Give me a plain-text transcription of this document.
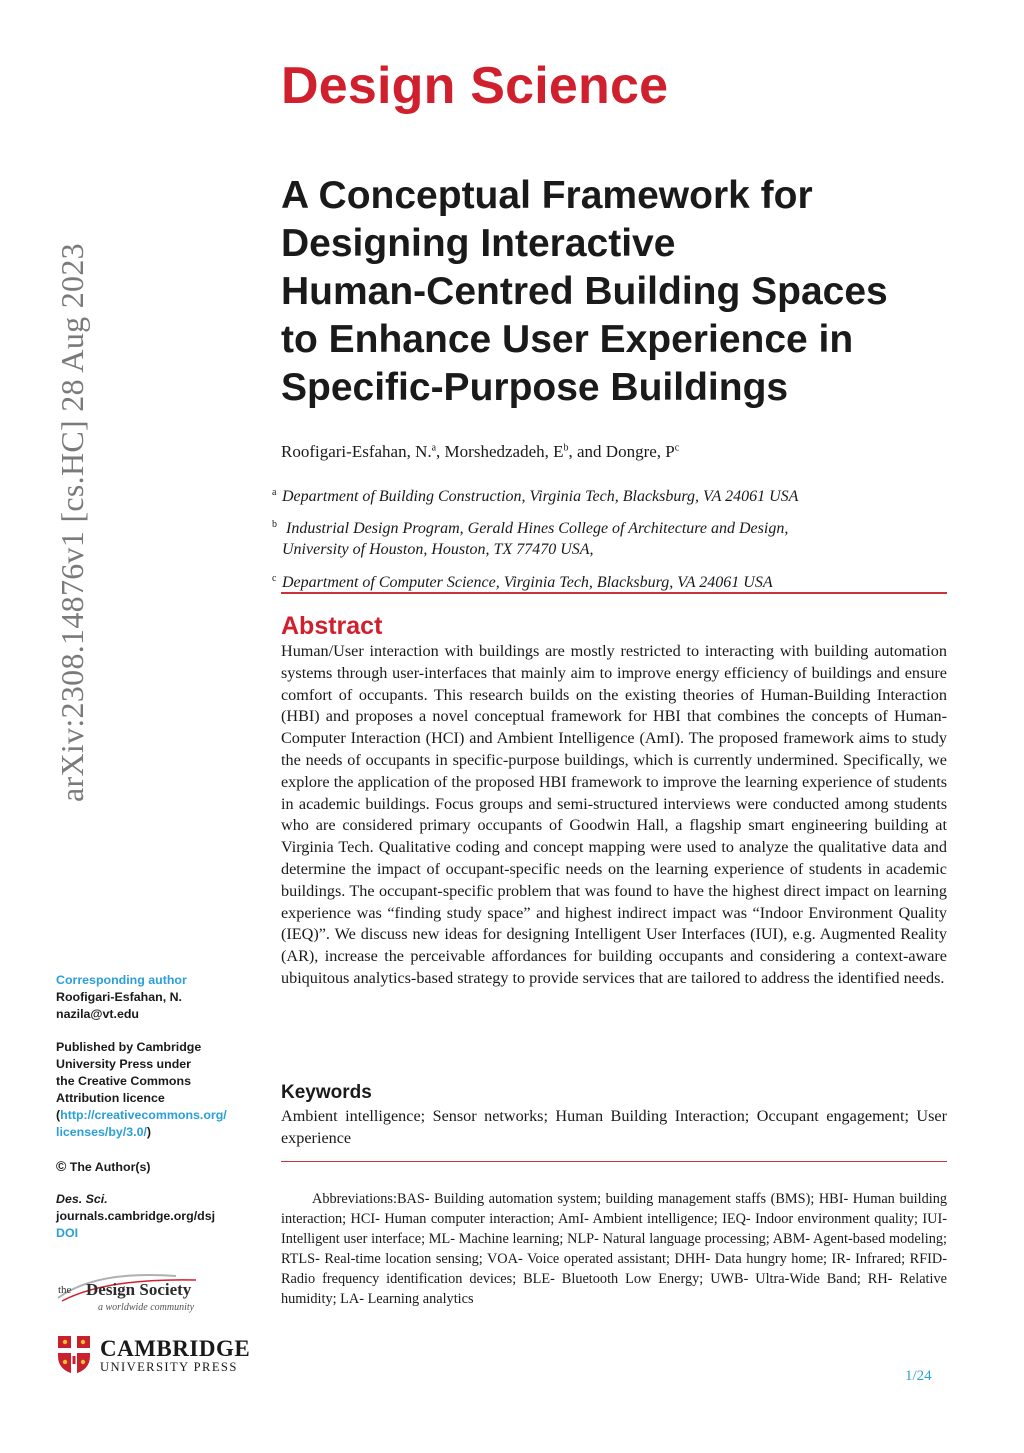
Design Science
arXiv:2308.14876v1 [cs.HC] 28 Aug 2023
A Conceptual Framework for
Designing Interactive
Human-Centred Building Spaces
to Enhance User Experience in
Specific-Purpose Buildings
Roofigari-Esfahan, N.$^a$, Morshedzadeh, $E^b$, and Dongre, $P^c$
a Department of Building Construction, Virginia Tech, Blacksburg, VA 24061 USA
b Industrial Design Program, Gerald Hines College of Architecture and Design,
University of Houston, Houston, TX 77470 USA,
c Department of Computer Science, Virginia Tech, Blacksburg, VA 24061 USA
Abstract
Human/User interaction with buildings are mostly restricted to interacting with building automation systems through user-interfaces that mainly aim to improve energy efficiency of buildings and ensure comfort of occupants. This research builds on the existing theories of Human-Building Interaction (HBI) and proposes a novel conceptual framework for HBI that combines the concepts of Human-Computer Interaction (HCI) and Ambient Intelligence (AmI). The proposed framework aims to study the needs of occupants in specific-purpose buildings, which is currently undermined. Specifically, we explore the application of the proposed HBI framework to improve the learning experience of students in academic buildings. Focus groups and semi-structured interviews were conducted among students who are considered primary occupants of Goodwin Hall, a flagship smart engineering building at Virginia Tech. Qualitative coding and concept mapping were used to analyze the qualitative data and determine the impact of occupant-specific needs on the learning experience of students in academic buildings. The occupant-specific problem that was found to have the highest direct impact on learning experience was “finding study space” and highest indirect impact was “Indoor Environment Quality (IEQ)”. We discuss new ideas for designing Intelligent User Interfaces (IUI), e.g. Augmented Reality (AR), increase the perceivable affordances for building occupants and considering a context-aware ubiquitous analytics-based strategy to provide services that are tailored to address the identified needs.
Keywords
Ambient intelligence; Sensor networks; Human Building Interaction; Occupant engagement; User experience
Abbreviations:BAS- Building automation system; building management staffs (BMS); HBI- Human building interaction; HCI- Human computer interaction; AmI- Ambient intelligence; IEQ- Indoor environment quality; IUI- Intelligent user interface; ML- Machine learning; NLP- Natural language processing; ABM- Agent-based modeling; RTLS- Real-time location sensing; VOA- Voice operated assistant; DHH- Data hungry home; IR- Infrared; RFID- Radio frequency identification devices; BLE- Bluetooth Low Energy; UWB- Ultra-Wide Band; RH- Relative humidity; LA- Learning analytics
Corresponding author
Roofigari-Esfahan, N.
nazila@vt.edu
Published by Cambridge
University Press under
the Creative Commons
Attribution licence
(http://creativecommons.org/
licenses/by/3.0/)
© The Author(s)
Des. Sci.
journals.cambridge.org/dsj
DOI
the Design Society
a worldwide community
CAMBRIDGE
UNIVERSITY PRESS
1/24
